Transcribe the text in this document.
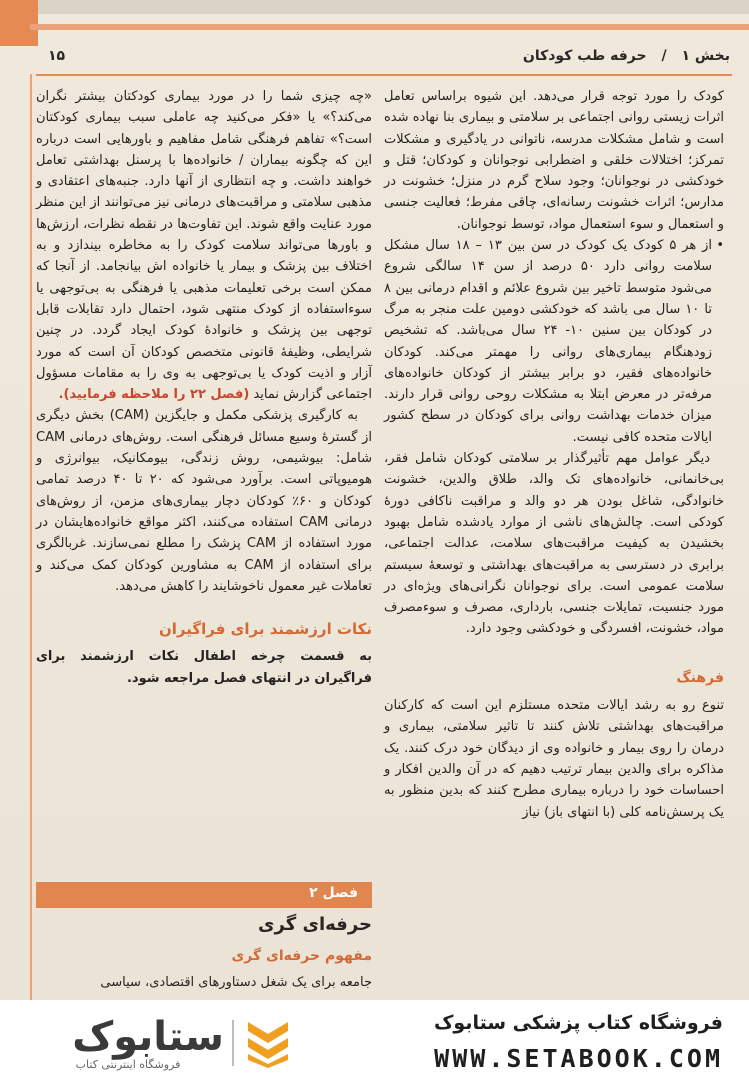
بخش ۱ / حرفه طب کودکان
۱۵

کودک را مورد توجه قرار می‌دهد. این شیوه براساس تعامل اثرات زیستی روانی اجتماعی بر سلامتی و بیماری بنا نهاده شده است و شامل مشکلات مدرسه، ناتوانی در یادگیری و مشکلات تمرکز؛ اختلالات خلقی و اضطرابی نوجوانان و کودکان؛ قتل و خودکشی در نوجوانان؛ وجود سلاح گرم در منزل؛ خشونت در مدارس؛ اثرات خشونت رسانه‌ای، چاقی مفرط؛ فعالیت جنسی و استعمال و سوء استعمال مواد، توسط نوجوانان.

• از هر ۵ کودک یک کودک در سن بین ۱۳ – ۱۸ سال مشکل سلامت روانی دارد ۵۰ درصد از سن ۱۴ سالگی شروع می‌شود متوسط تاخیر بین شروع علائم و اقدام درمانی بین ۸ تا ۱۰ سال می باشد که خودکشی دومین علت منجر به مرگ در کودکان بین سنین ۱۰- ۲۴ سال می‌باشد. که تشخیص زودهنگام بیماری‌های روانی را مهمتر می‌کند. کودکان خانواده‌های فقیر، دو برابر بیشتر از کودکان خانواده‌های مرفه‌تر در معرض ابتلا به مشکلات روحی روانی قرار دارند. میزان خدمات بهداشت روانی برای کودکان در سطح کشور ایالات متحده کافی نیست.

دیگر عوامل مهم تأثیرگذار بر سلامتی کودکان شامل فقر، بی‌خانمانی، خانواده‌های تک والد، طلاق والدین، خشونت خانوادگی، شاغل بودن هر دو والد و مراقبت ناکافی دورهٔ کودکی است. چالش‌های ناشی از موارد یادشده شامل بهبود بخشیدن به کیفیت مراقبت‌های سلامت، عدالت اجتماعی، برابری در دسترسی به مراقبت‌های بهداشتی و توسعهٔ سیستم سلامت عمومی است. برای نوجوانان نگرانی‌های ویژه‌ای در مورد جنسیت، تمایلات جنسی، بارداری، مصرف و سوءمصرف مواد، خشونت، افسردگی و خودکشی وجود دارد.

فرهنگ

تنوع رو به رشد ایالات متحده مستلزم این است که کارکنان مراقبت‌های بهداشتی تلاش کنند تا تاثیر سلامتی، بیماری و درمان را روی بیمار و خانواده وی از دیدگان خود درک کنند. یک مذاکره برای والدین بیمار ترتیب دهیم که در آن والدین افکار و احساسات خود را درباره بیماری مطرح کنند که بدین منظور به یک پرسش‌نامه کلی (با انتهای باز) نیاز

«چه چیزی شما را در مورد بیماری کودکتان بیشتر نگران می‌کند؟» یا «فکر می‌کنید چه عاملی سبب بیماری کودکتان است؟» تفاهم فرهنگی شامل مفاهیم و باورهایی است درباره این که چگونه بیماران / خانواده‌ها با پرسنل بهداشتی تعامل خواهند داشت. و چه انتظاری از آنها دارد. جنبه‌های اعتقادی و مذهبی سلامتی و مراقبت‌های درمانی نیز می‌توانند از این منظر مورد عنایت واقع شوند. این تفاوت‌ها در نقطه نظرات، ارزش‌ها و باورها می‌تواند سلامت کودک را به مخاطره بیندازد و به اختلاف بین پزشک و بیمار یا خانواده اش بیانجامد. از آنجا که ممکن است برخی تعلیمات مذهبی یا فرهنگی به بی‌توجهی یا سوءاستفاده از کودک منتهی شود، احتمال دارد تقابلات قابل توجهی بین پزشک و خانوادهٔ کودک ایجاد گردد. در چنین شرایطی، وظیفهٔ قانونی متخصص کودکان آن است که مورد آزار و اذیت کودک یا بی‌توجهی به وی را به مقامات مسؤول اجتماعی گزارش نماید (فصل ۲۲ را ملاحظه فرمایید).

به کارگیری پزشکی مکمل و جایگزین (CAM) بخش دیگری از گسترهٔ وسیع مسائل فرهنگی است. روش‌های درمانی CAM شامل: بیوشیمی، روش زندگی، بیومکانیک، بیوانرژی و هومیوپاتی است. برآورد می‌شود که ۲۰ تا ۴۰ درصد تمامی کودکان و ۶۰٪ کودکان دچار بیماری‌های مزمن، از روش‌های درمانی CAM استفاده می‌کنند، اکثر مواقع خانواده‌هایشان در مورد استفاده از CAM پزشک را مطلع نمی‌سازند. غربالگری برای استفاده از CAM به مشاورین کودکان کمک می‌کند و تعاملات غیر معمول ناخوشایند را کاهش می‌دهد.

نکات ارزشمند برای فراگیران

به قسمت چرخه اطفال نکات ارزشمند برای فراگیران در انتهای فصل مراجعه شود.

فصل ۲
حرفه‌ای گری
مفهوم حرفه‌ای گری
جامعه برای یک شغل دستاورهای اقتصادی، سیاسی
ستابوک
فروشگاه اینترنتی کتاب
فروشگاه کتاب پزشکی ستابوک
WWW.SETABOOK.COM
